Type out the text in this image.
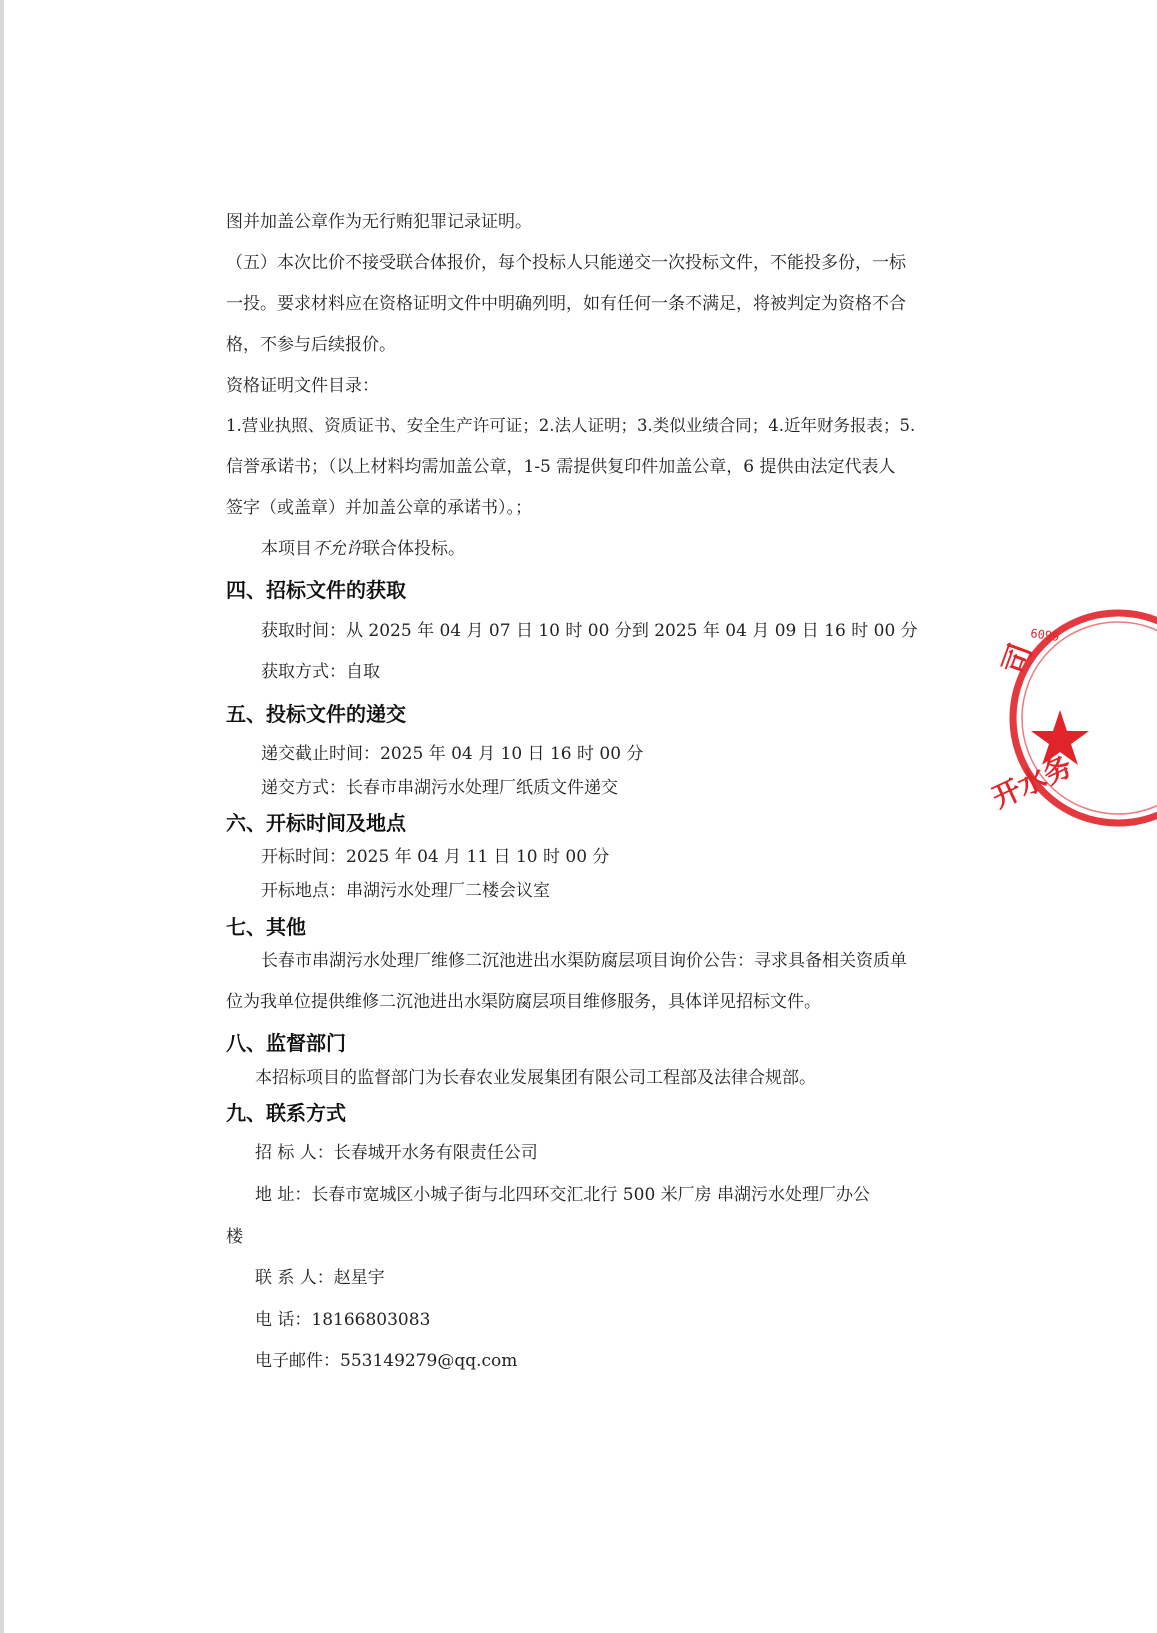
图并加盖公章作为无行贿犯罪记录证明。
（五）本次比价不接受联合体报价，每个投标人只能递交一次投标文件，不能投多份，一标
一投。要求材料应在资格证明文件中明确列明，如有任何一条不满足，将被判定为资格不合
格，不参与后续报价。
资格证明文件目录：
1.营业执照、资质证书、安全生产许可证；2.法人证明；3.类似业绩合同；4.近年财务报表；5.
信誉承诺书；（以上材料均需加盖公章，1-5 需提供复印件加盖公章，6 提供由法定代表人
签字（或盖章）并加盖公章的承诺书）。；
本项目不允许联合体投标。
四、招标文件的获取
获取时间：从 2025 年 04 月 07 日 10 时 00 分到 2025 年 04 月 09 日 16 时 00 分
获取方式：自取
五、投标文件的递交
递交截止时间：2025 年 04 月 10 日 16 时 00 分
递交方式：长春市串湖污水处理厂纸质文件递交
六、开标时间及地点
开标时间：2025 年 04 月 11 日 10 时 00 分
开标地点：串湖污水处理厂二楼会议室
七、其他
长春市串湖污水处理厂维修二沉池进出水渠防腐层项目询价公告：寻求具备相关资质单
位为我单位提供维修二沉池进出水渠防腐层项目维修服务，具体详见招标文件。
八、监督部门
本招标项目的监督部门为长春农业发展集团有限公司工程部及法律合规部。
九、联系方式
招 标 人：长春城开水务有限责任公司
地 址：长春市宽城区小城子街与北四环交汇北行 500 米厂房 串湖污水处理厂办公
楼
联 系 人：赵星宇
电 话：18166803083
电子邮件：553149279@qq.com
6099
司
开水务
